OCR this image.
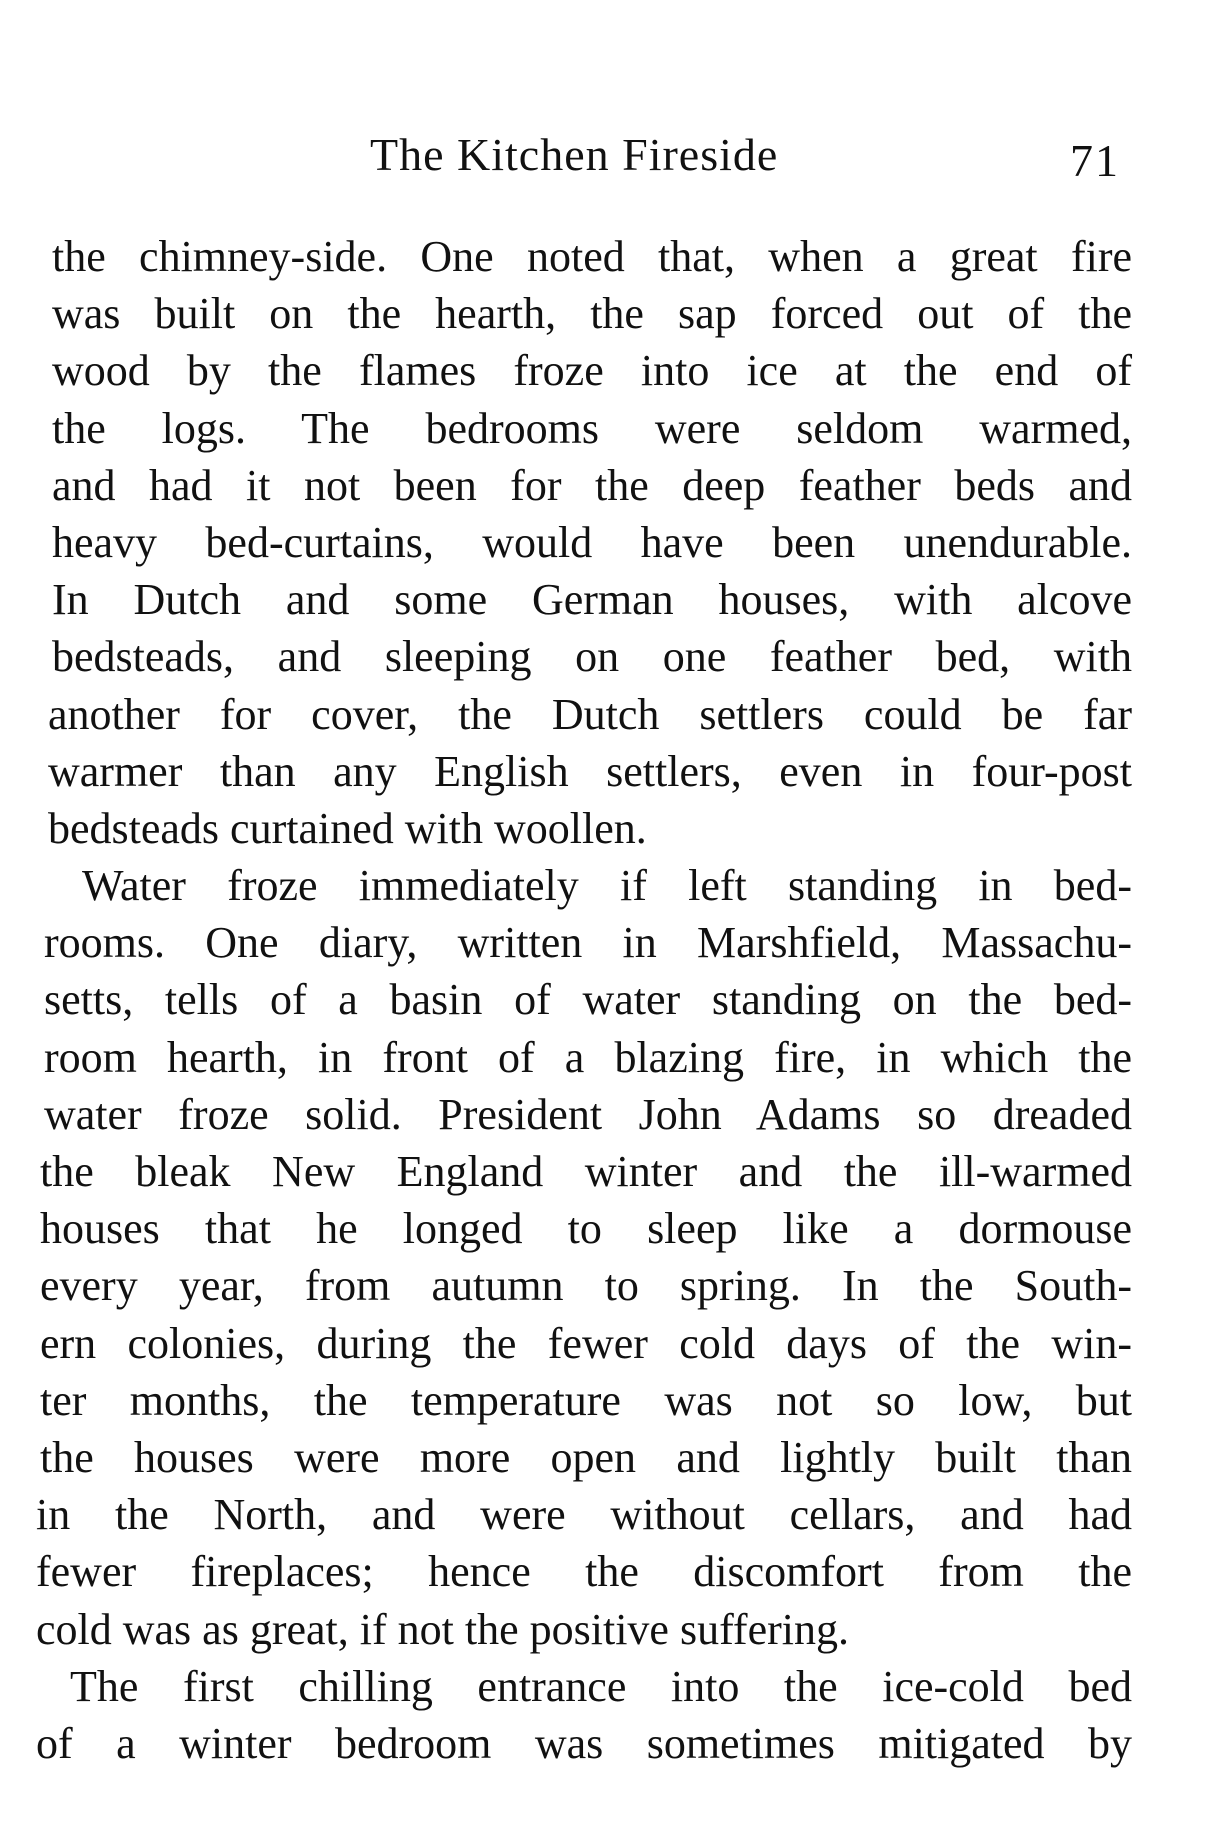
The Kitchen Fireside	71
the chimney-side. One noted that, when a great fire
was built on the hearth, the sap forced out of the
wood by the flames froze into ice at the end of
the logs. The bedrooms were seldom warmed,
and had it not been for the deep feather beds and
heavy bed-curtains, would have been unendurable.
In Dutch and some German houses, with alcove
bedsteads, and sleeping on one feather bed, with
another for cover, the Dutch settlers could be far
warmer than any English settlers, even in four-post
bedsteads curtained with woollen.
Water froze immediately if left standing in bed-
rooms. One diary, written in Marshfield, Massachu-
setts, tells of a basin of water standing on the bed-
room hearth, in front of a blazing fire, in which the
water froze solid. President John Adams so dreaded
the bleak New England winter and the ill-warmed
houses that he longed to sleep like a dormouse
every year, from autumn to spring. In the South-
ern colonies, during the fewer cold days of the win-
ter months, the temperature was not so low, but
the houses were more open and lightly built than
in the North, and were without cellars, and had
fewer fireplaces; hence the discomfort from the
cold was as great, if not the positive suffering.
The first chilling entrance into the ice-cold bed
of a winter bedroom was sometimes mitigated by
